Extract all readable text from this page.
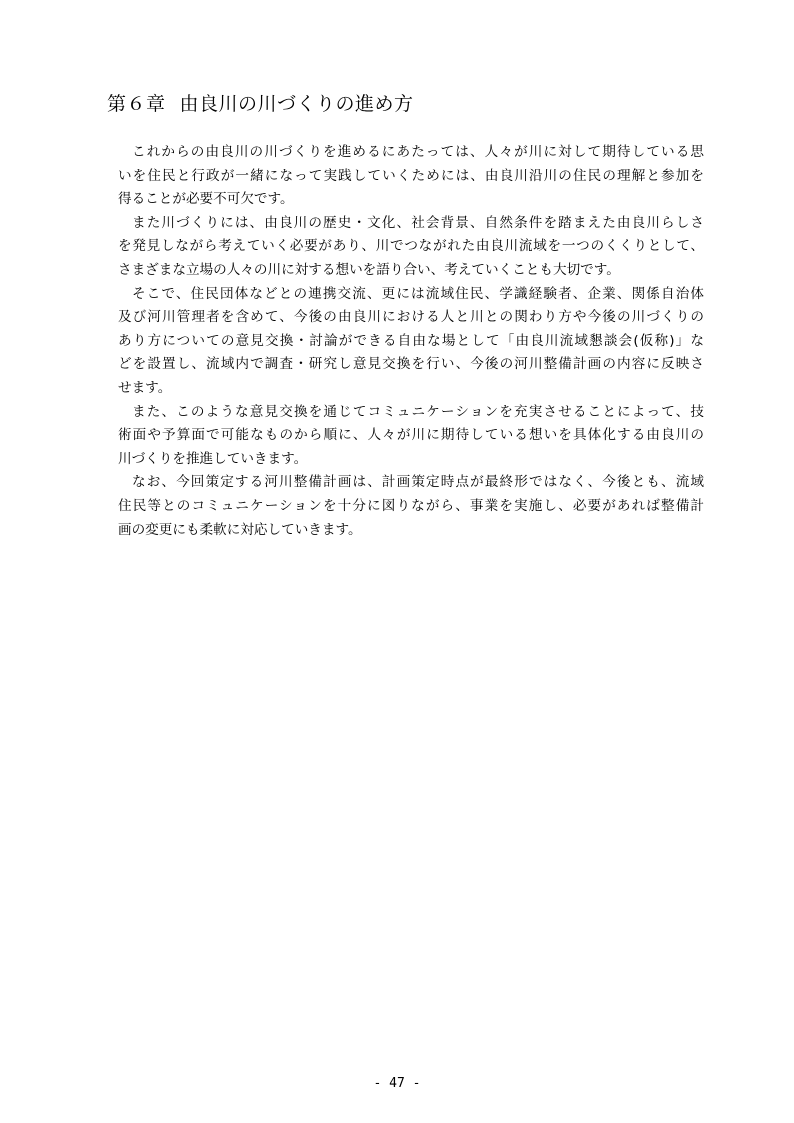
第６章 由良川の川づくりの進め方
これからの由良川の川づくりを進めるにあたっては、人々が川に対して期待している思
いを住民と行政が一緒になって実践していくためには、由良川沿川の住民の理解と参加を
得ることが必要不可欠です。
また川づくりには、由良川の歴史・文化、社会背景、自然条件を踏まえた由良川らしさ
を発見しながら考えていく必要があり、川でつながれた由良川流域を一つのくくりとして、
さまざまな立場の人々の川に対する想いを語り合い、考えていくことも大切です。
そこで、住民団体などとの連携交流、更には流域住民、学識経験者、企業、関係自治体
及び河川管理者を含めて、今後の由良川における人と川との関わり方や今後の川づくりの
あり方についての意見交換・討論ができる自由な場として「由良川流域懇談会(仮称)」な
どを設置し、流域内で調査・研究し意見交換を行い、今後の河川整備計画の内容に反映さ
せます。
また、このような意見交換を通じてコミュニケーションを充実させることによって、技
術面や予算面で可能なものから順に、人々が川に期待している想いを具体化する由良川の
川づくりを推進していきます。
なお、今回策定する河川整備計画は、計画策定時点が最終形ではなく、今後とも、流域
住民等とのコミュニケーションを十分に図りながら、事業を実施し、必要があれば整備計
画の変更にも柔軟に対応していきます。
- 47 -
